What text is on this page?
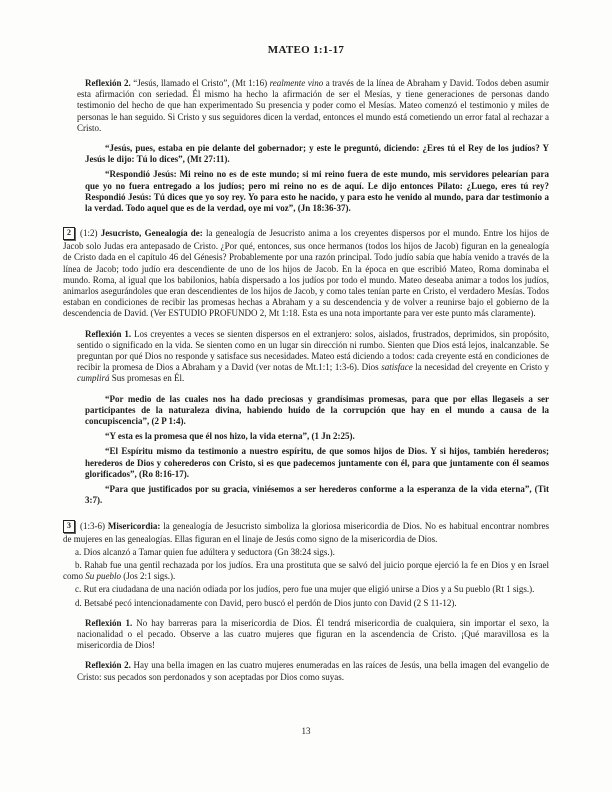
MATEO 1:1-17

Reflexión 2. “Jesús, llamado el Cristo”, (Mt 1:16) realmente vino a través de la línea de Abraham y David. Todos deben asumir esta afirmación con seriedad. Él mismo ha hecho la afirmación de ser el Mesías, y tiene generaciones de personas dando testimonio del hecho de que han experimentado Su presencia y poder como el Mesías. Mateo comenzó el testimonio y miles de personas le han seguido. Si Cristo y sus seguidores dicen la verdad, entonces el mundo está cometiendo un error fatal al rechazar a Cristo.

“Jesús, pues, estaba en pie delante del gobernador; y este le preguntó, diciendo: ¿Eres tú el Rey de los judíos? Y Jesús le dijo: Tú lo dices”, (Mt 27:11).

“Respondió Jesús: Mi reino no es de este mundo; si mi reino fuera de este mundo, mis servidores pelearían para que yo no fuera entregado a los judíos; pero mi reino no es de aquí. Le dijo entonces Pilato: ¿Luego, eres tú rey? Respondió Jesús: Tú dices que yo soy rey. Yo para esto he nacido, y para esto he venido al mundo, para dar testimonio a la verdad. Todo aquel que es de la verdad, oye mi voz”, (Jn 18:36-37).

2 (1:2) Jesucristo, Genealogía de: la genealogía de Jesucristo anima a los creyentes dispersos por el mundo. Entre los hijos de Jacob solo Judas era antepasado de Cristo. ¿Por qué, entonces, sus once hermanos (todos los hijos de Jacob) figuran en la genealogía de Cristo dada en el capítulo 46 del Génesis? Probablemente por una razón principal. Todo judío sabía que había venido a través de la línea de Jacob; todo judío era descendiente de uno de los hijos de Jacob. En la época en que escribió Mateo, Roma dominaba el mundo. Roma, al igual que los babilonios, había dispersado a los judíos por todo el mundo. Mateo deseaba animar a todos los judíos, animarlos asegurándoles que eran descendientes de los hijos de Jacob, y como tales tenían parte en Cristo, el verdadero Mesías. Todos estaban en condiciones de recibir las promesas hechas a Abraham y a su descendencia y de volver a reunirse bajo el gobierno de la descendencia de David. (Ver ESTUDIO PROFUNDO 2, Mt 1:18. Esta es una nota importante para ver este punto más claramente).

Reflexión 1. Los creyentes a veces se sienten dispersos en el extranjero: solos, aislados, frustrados, deprimidos, sin propósito, sentido o significado en la vida. Se sienten como en un lugar sin dirección ni rumbo. Sienten que Dios está lejos, inalcanzable. Se preguntan por qué Dios no responde y satisface sus necesidades. Mateo está diciendo a todos: cada creyente está en condiciones de recibir la promesa de Dios a Abraham y a David (ver notas de Mt.1:1; 1:3-6). Dios satisface la necesidad del creyente en Cristo y cumplirá Sus promesas en Él.

“Por medio de las cuales nos ha dado preciosas y grandísimas promesas, para que por ellas llegaseis a ser participantes de la naturaleza divina, habiendo huido de la corrupción que hay en el mundo a causa de la concupiscencia”, (2 P 1:4).

“Y esta es la promesa que él nos hizo, la vida eterna”, (1 Jn 2:25).

“El Espíritu mismo da testimonio a nuestro espíritu, de que somos hijos de Dios. Y si hijos, también herederos; herederos de Dios y coherederos con Cristo, si es que padecemos juntamente con él, para que juntamente con él seamos glorificados”, (Ro 8:16-17).

“Para que justificados por su gracia, viniésemos a ser herederos conforme a la esperanza de la vida eterna”, (Tit 3:7).

3 (1:3-6) Misericordia: la genealogía de Jesucristo simboliza la gloriosa misericordia de Dios. No es habitual encontrar nombres de mujeres en las genealogías. Ellas figuran en el linaje de Jesús como signo de la misericordia de Dios.

a. Dios alcanzó a Tamar quien fue adúltera y seductora (Gn 38:24 sigs.).

b. Rahab fue una gentil rechazada por los judíos. Era una prostituta que se salvó del juicio porque ejerció la fe en Dios y en Israel como Su pueblo (Jos 2:1 sigs.).

c. Rut era ciudadana de una nación odiada por los judíos, pero fue una mujer que eligió unirse a Dios y a Su pueblo (Rt 1 sigs.).

d. Betsabé pecó intencionadamente con David, pero buscó el perdón de Dios junto con David (2 S 11-12).

Reflexión 1. No hay barreras para la misericordia de Dios. Él tendrá misericordia de cualquiera, sin importar el sexo, la nacionalidad o el pecado. Observe a las cuatro mujeres que figuran en la ascendencia de Cristo. ¡Qué maravillosa es la misericordia de Dios!

Reflexión 2. Hay una bella imagen en las cuatro mujeres enumeradas en las raíces de Jesús, una bella imagen del evangelio de Cristo: sus pecados son perdonados y son aceptadas por Dios como suyas.

13
